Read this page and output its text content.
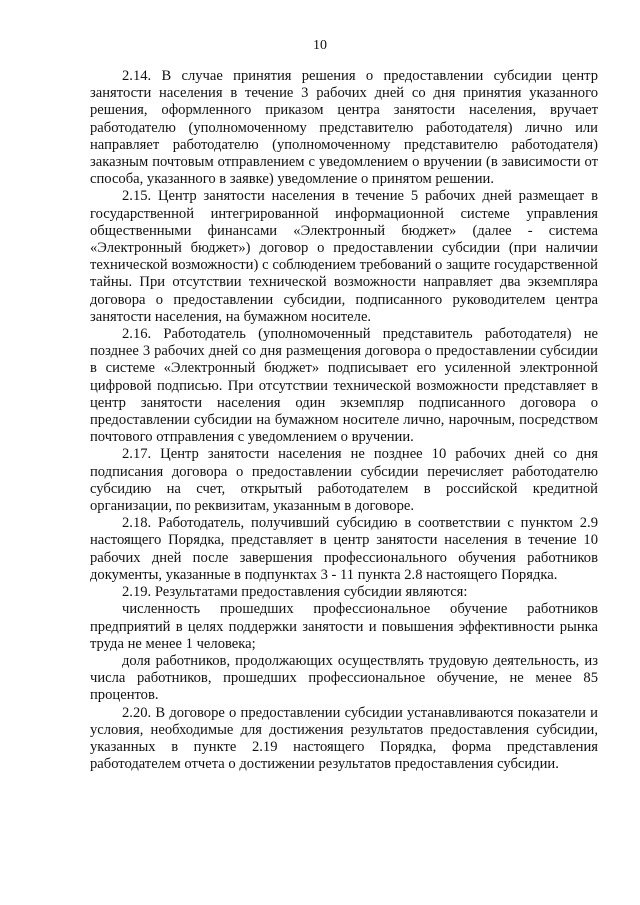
10

2.14. В случае принятия решения о предоставлении субсидии центр занятости населения в течение 3 рабочих дней со дня принятия указанного решения, оформленного приказом центра занятости населения, вручает работодателю (уполномоченному представителю работодателя) лично или направляет работодателю (уполномоченному представителю работодателя) заказным почтовым отправлением с уведомлением о вручении (в зависимости от способа, указанного в заявке) уведомление о принятом решении.

2.15. Центр занятости населения в течение 5 рабочих дней размещает в государственной интегрированной информационной системе управления общественными финансами «Электронный бюджет» (далее - система «Электронный бюджет») договор о предоставлении субсидии (при наличии технической возможности) с соблюдением требований о защите государственной тайны. При отсутствии технической возможности направляет два экземпляра договора о предоставлении субсидии, подписанного руководителем центра занятости населения, на бумажном носителе.

2.16. Работодатель (уполномоченный представитель работодателя) не позднее 3 рабочих дней со дня размещения договора о предоставлении субсидии в системе «Электронный бюджет» подписывает его усиленной электронной цифровой подписью. При отсутствии технической возможности представляет в центр занятости населения один экземпляр подписанного договора о предоставлении субсидии на бумажном носителе лично, нарочным, посредством почтового отправления с уведомлением о вручении.

2.17. Центр занятости населения не позднее 10 рабочих дней со дня подписания договора о предоставлении субсидии перечисляет работодателю субсидию на счет, открытый работодателем в российской кредитной организации, по реквизитам, указанным в договоре.

2.18. Работодатель, получивший субсидию в соответствии с пунктом 2.9 настоящего Порядка, представляет в центр занятости населения в течение 10 рабочих дней после завершения профессионального обучения работников документы, указанные в подпунктах 3 - 11 пункта 2.8 настоящего Порядка.

2.19. Результатами предоставления субсидии являются:

численность прошедших профессиональное обучение работников предприятий в целях поддержки занятости и повышения эффективности рынка труда не менее 1 человека;

доля работников, продолжающих осуществлять трудовую деятельность, из числа работников, прошедших профессиональное обучение, не менее 85 процентов.

2.20. В договоре о предоставлении субсидии устанавливаются показатели и условия, необходимые для достижения результатов предоставления субсидии, указанных в пункте 2.19 настоящего Порядка, форма представления работодателем отчета о достижении результатов предоставления субсидии.
